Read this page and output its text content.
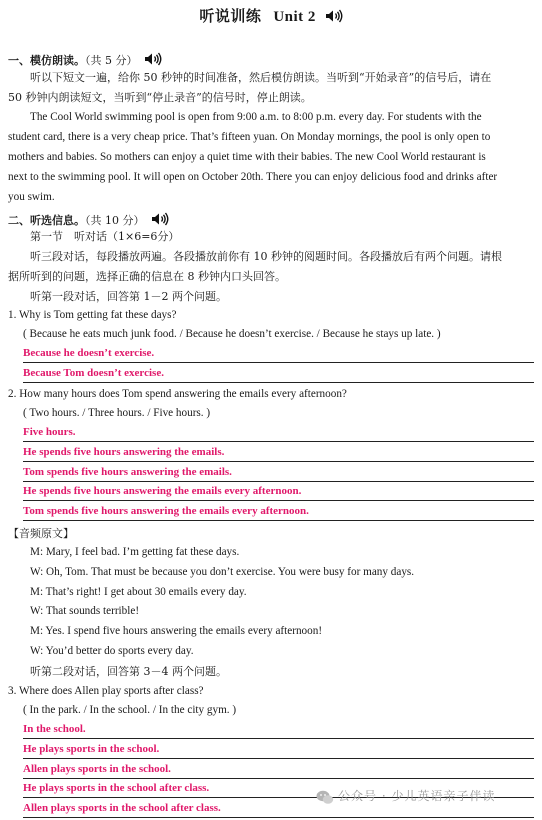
听说训练 Unit 2
一、模仿朗读。（共 5 分）
听以下短文一遍，给你 50 秒钟的时间准备，然后模仿朗读。当听到“开始录音”的信号后，请在
50 秒钟内朗读短文，当听到“停止录音”的信号时，停止朗读。
The Cool World swimming pool is open from 9:00 a.m. to 8:00 p.m. every day. For students with the
student card, there is a very cheap price. That’s fifteen yuan. On Monday mornings, the pool is only open to
mothers and babies. So mothers can enjoy a quiet time with their babies. The new Cool World restaurant is
next to the swimming pool. It will open on October 20th. There you can enjoy delicious food and drinks after
you swim.
二、听选信息。（共 10 分）
第一节　听对话（1×6=6分）
听三段对话，每段播放两遍。各段播放前你有 10 秒钟的阅题时间。各段播放后有两个问题。请根
据所听到的问题，选择正确的信息在 8 秒钟内口头回答。
听第一段对话，回答第 1－2 两个问题。
1. Why is Tom getting fat these days?
( Because he eats much junk food. / Because he doesn’t exercise. / Because he stays up late. )
Because he doesn’t exercise.
Because Tom doesn’t exercise.
2. How many hours does Tom spend answering the emails every afternoon?
( Two hours. / Three hours. / Five hours. )
Five hours.
He spends five hours answering the emails.
Tom spends five hours answering the emails.
He spends five hours answering the emails every afternoon.
Tom spends five hours answering the emails every afternoon.
【音频原文】
M: Mary, I feel bad. I’m getting fat these days.
W: Oh, Tom. That must be because you don’t exercise. You were busy for many days.
M: That’s right! I get about 30 emails every day.
W: That sounds terrible!
M: Yes. I spend five hours answering the emails every afternoon!
W: You’d better do sports every day.
听第二段对话，回答第 3－4 两个问题。
3. Where does Allen play sports after class?
( In the park. / In the school. / In the city gym. )
In the school.
He plays sports in the school.
Allen plays sports in the school.
He plays sports in the school after class.
Allen plays sports in the school after class.
公众号 · 少儿英语亲子伴读
